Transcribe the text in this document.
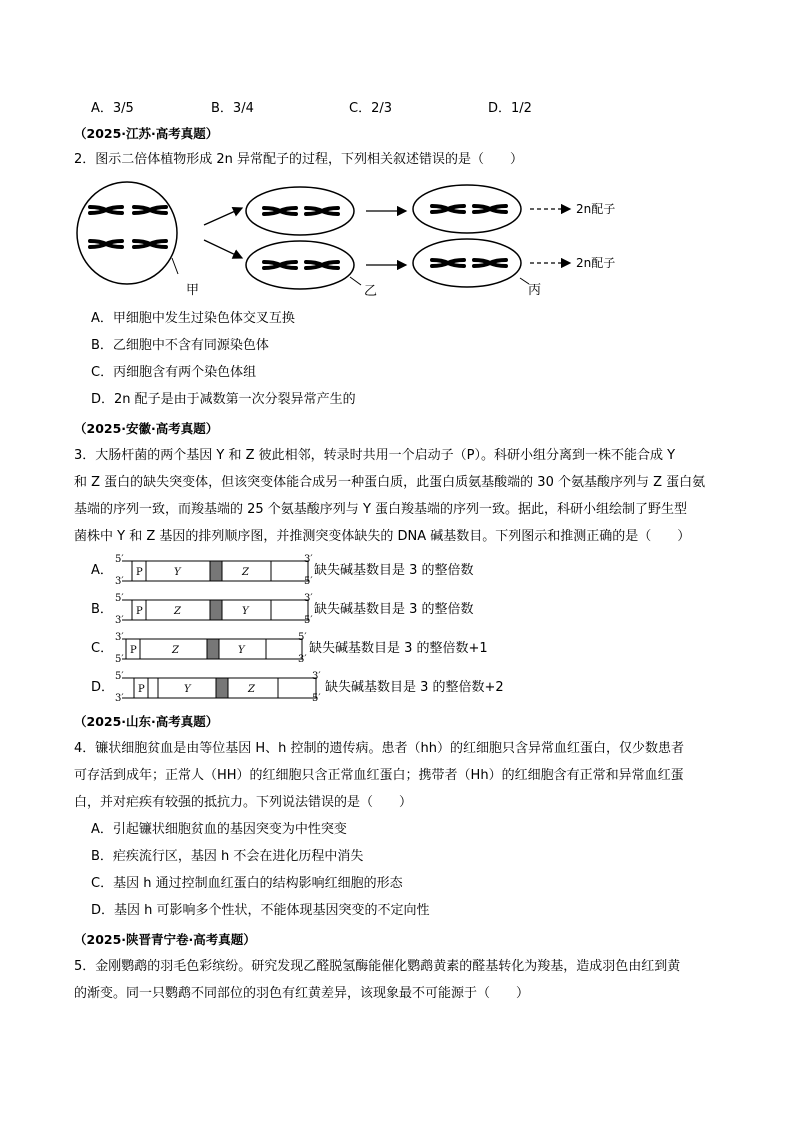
A．3/5	B．3/4	C．2/3	D．1/2
（2025·江苏·高考真题）
2．图示二倍体植物形成 2n 异常配子的过程，下列相关叙述错误的是（　　）
甲	乙	丙
2n配子
2n配子
A．甲细胞中发生过染色体交叉互换
B．乙细胞中不含有同源染色体
C．丙细胞含有两个染色体组
D．2n 配子是由于减数第一次分裂异常产生的
（2025·安徽·高考真题）
3．大肠杆菌的两个基因 Y 和 Z 彼此相邻，转录时共用一个启动子（P）。科研小组分离到一株不能合成 Y
和 Z 蛋白的缺失突变体，但该突变体能合成另一种蛋白质，此蛋白质氨基酸端的 30 个氨基酸序列与 Z 蛋白氨
基端的序列一致，而羧基端的 25 个氨基酸序列与 Y 蛋白羧基端的序列一致。据此，科研小组绘制了野生型
菌株中 Y 和 Z 基因的排列顺序图，并推测突变体缺失的 DNA 碱基数目。下列图示和推测正确的是（　　）
A．
5′
3′
P	Y	Z
3′
5′
缺失碱基数目是 3 的整倍数
B．
5′
3′
P	Z	Y
3′
5′
缺失碱基数目是 3 的整倍数
C．
3′
5′
P	Z	Y
5′
3′
缺失碱基数目是 3 的整倍数+1
D．
5′
3′
P	Y	Z
3′
5′
缺失碱基数目是 3 的整倍数+2
（2025·山东·高考真题）
4．镰状细胞贫血是由等位基因 H、h 控制的遗传病。患者（hh）的红细胞只含异常血红蛋白，仅少数患者
可存活到成年；正常人（HH）的红细胞只含正常血红蛋白；携带者（Hh）的红细胞含有正常和异常血红蛋
白，并对疟疾有较强的抵抗力。下列说法错误的是（　　）
A．引起镰状细胞贫血的基因突变为中性突变
B．疟疾流行区，基因 h 不会在进化历程中消失
C．基因 h 通过控制血红蛋白的结构影响红细胞的形态
D．基因 h 可影响多个性状，不能体现基因突变的不定向性
（2025·陕晋青宁卷·高考真题）
5．金刚鹦鹉的羽毛色彩缤纷。研究发现乙醛脱氢酶能催化鹦鹉黄素的醛基转化为羧基，造成羽色由红到黄
的渐变。同一只鹦鹉不同部位的羽色有红黄差异，该现象最不可能源于（　　）
